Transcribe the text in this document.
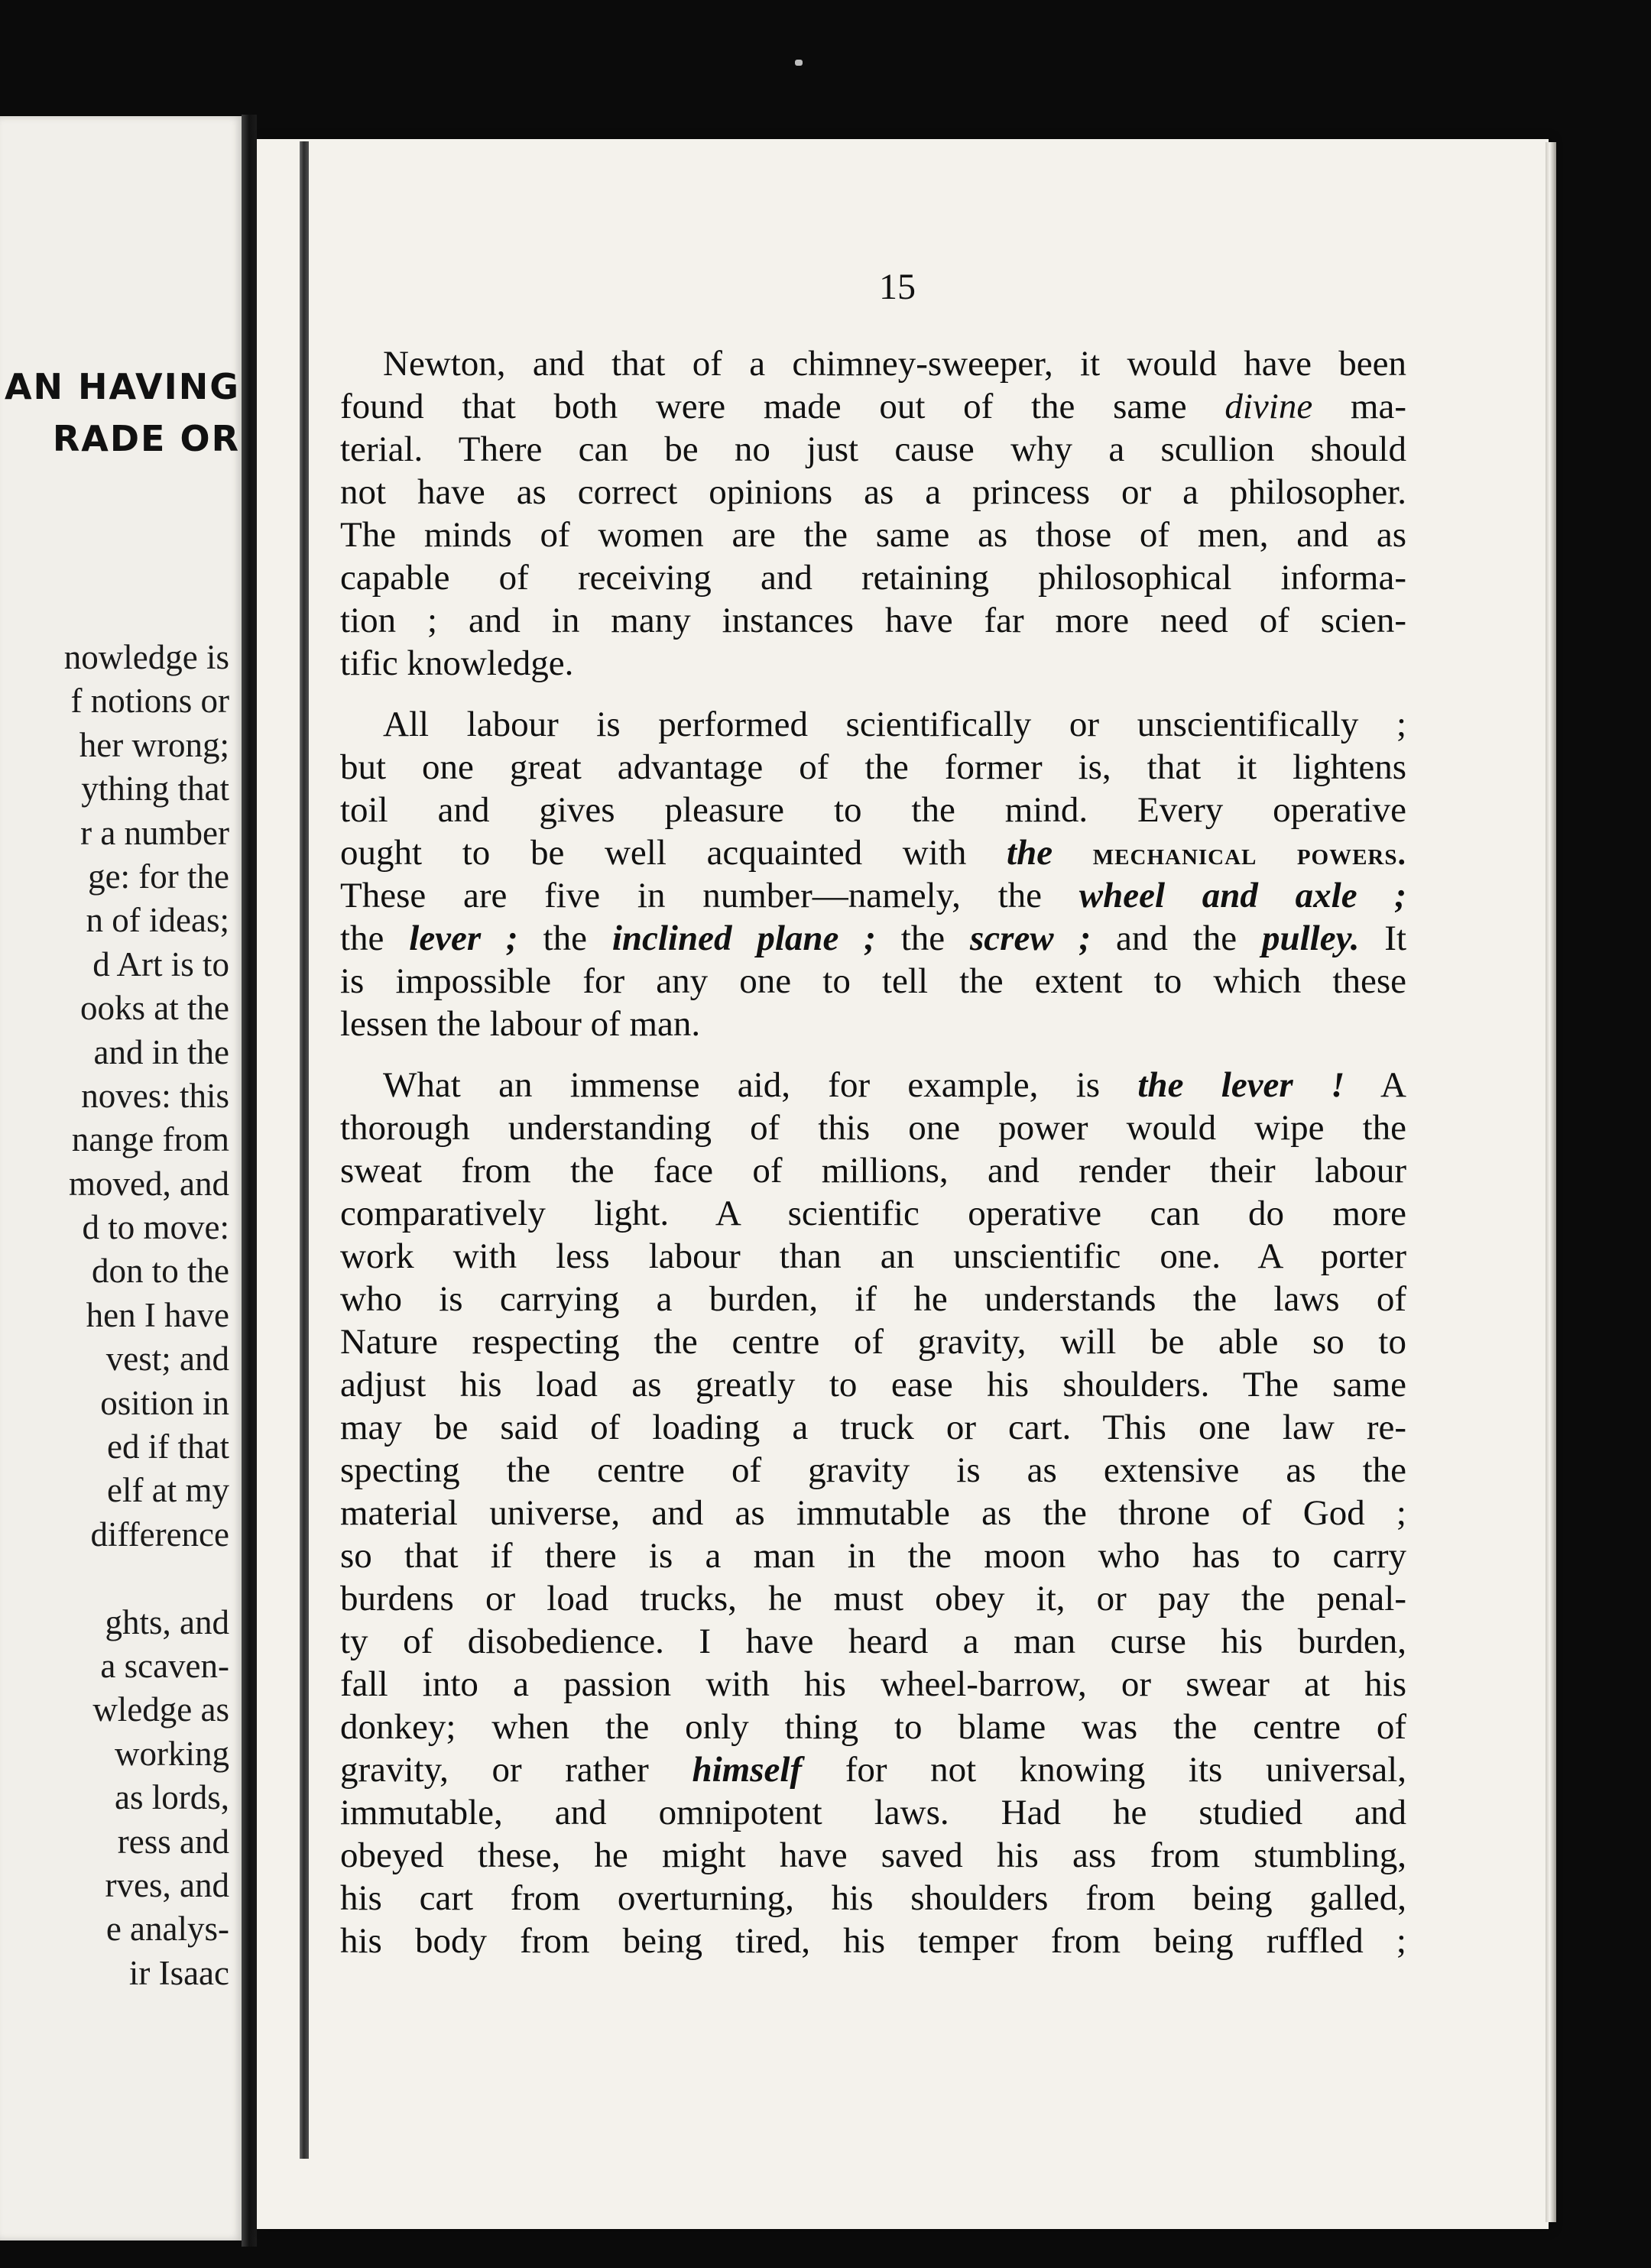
AN HAVING
RADE OR
nowledge is
f notions or
her wrong;
ything that
r a number
ge: for the
n of ideas;
d Art is to
ooks at the
and in the
noves: this
nange from
moved, and
d to move:
don to the
hen I have
vest; and
osition in
ed if that
elf at my
difference
ghts, and
a scaven-
wledge as
working
as lords,
ress and
rves, and
e analys-
ir Isaac
15
Newton, and that of a chimney-sweeper, it would have been
found that both were made out of the same divine ma-
terial. There can be no just cause why a scullion should
not have as correct opinions as a princess or a philosopher.
The minds of women are the same as those of men, and as
capable of receiving and retaining philosophical informa-
tion ; and in many instances have far more need of scien-
tific knowledge.
All labour is performed scientifically or unscientifically ;
but one great advantage of the former is, that it lightens
toil and gives pleasure to the mind. Every operative
ought to be well acquainted with the mechanical powers.
These are five in number—namely, the wheel and axle ;
the lever ; the inclined plane ; the screw ; and the pulley. It
is impossible for any one to tell the extent to which these
lessen the labour of man.
What an immense aid, for example, is the lever ! A
thorough understanding of this one power would wipe the
sweat from the face of millions, and render their labour
comparatively light. A scientific operative can do more
work with less labour than an unscientific one. A porter
who is carrying a burden, if he understands the laws of
Nature respecting the centre of gravity, will be able so to
adjust his load as greatly to ease his shoulders. The same
may be said of loading a truck or cart. This one law re-
specting the centre of gravity is as extensive as the
material universe, and as immutable as the throne of God ;
so that if there is a man in the moon who has to carry
burdens or load trucks, he must obey it, or pay the penal-
ty of disobedience. I have heard a man curse his burden,
fall into a passion with his wheel-barrow, or swear at his
donkey; when the only thing to blame was the centre of
gravity, or rather himself for not knowing its universal,
immutable, and omnipotent laws. Had he studied and
obeyed these, he might have saved his ass from stumbling,
his cart from overturning, his shoulders from being galled,
his body from being tired, his temper from being ruffled ;
